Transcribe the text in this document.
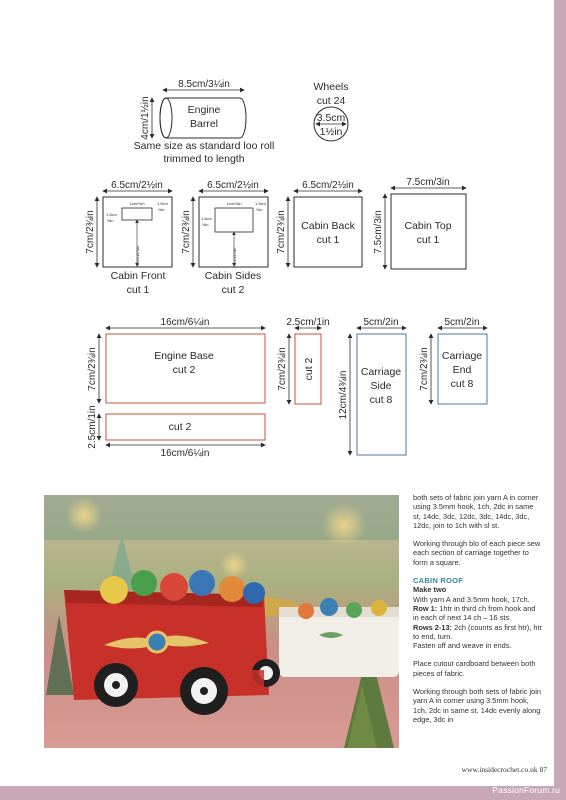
8.5cm/3¼in
4cm/1½in	Engine
Barrel
Same size as standard loo roll
trimmed to length
Wheels
cut 24
3.5cm
1½in
6.5cm/2½in
7cm/2¾in
1cm/⅜in
1.5cm
⅝in
1.5cm
⅝in
4.5cm/1¾in
Cabin Front
cut 1
6.5cm/2½in
7cm/2¾in
1cm/⅜in
1.5cm
⅝in
1.5cm
⅝in
3.5cm/1⅜in
Cabin Sides
cut 2
6.5cm/2½in
7cm/2¾in Cabin Back
cut 1
7.5cm/3in
7.5cm/3in Cabin Top
cut 1
16cm/6¼in
7cm/2¾in	Engine Base
cut 2
2.5cm/1in	cut 2
16cm/6¼in
2.5cm/1in
7cm/2¾in cut 2
5cm/2in
12cm/4¾in Carriage
Side
cut 8
5cm/2in
7cm/2¾in Carriage
End
cut 8

both sets of fabric join yarn A in corner using 3.5mm hook, 1ch, 2dc in same st, 14dc, 3dc, 12dc, 3dc, 14dc, 3dc, 12dc, join to 1ch with sl st.

Working through blo of each piece sew each section of carriage together to form a square.

CABIN ROOF

Make two

With yarn A and 3.5mm hook, 17ch.

Row 1: 1htr in third ch from hook and in each of next 14 ch – 16 sts.

Rows 2-13: 2ch (counts as first htr), htr to end, turn.

Fasten off and weave in ends.

Place cutout cardboard between both pieces of fabric.

Working through both sets of fabric join yarn A in corner using 3.5mm hook, 1ch, 2dc in same st, 14dc evenly along edge, 3dc in

www.insidecrochet.co.uk 87
PassionForum.ru
